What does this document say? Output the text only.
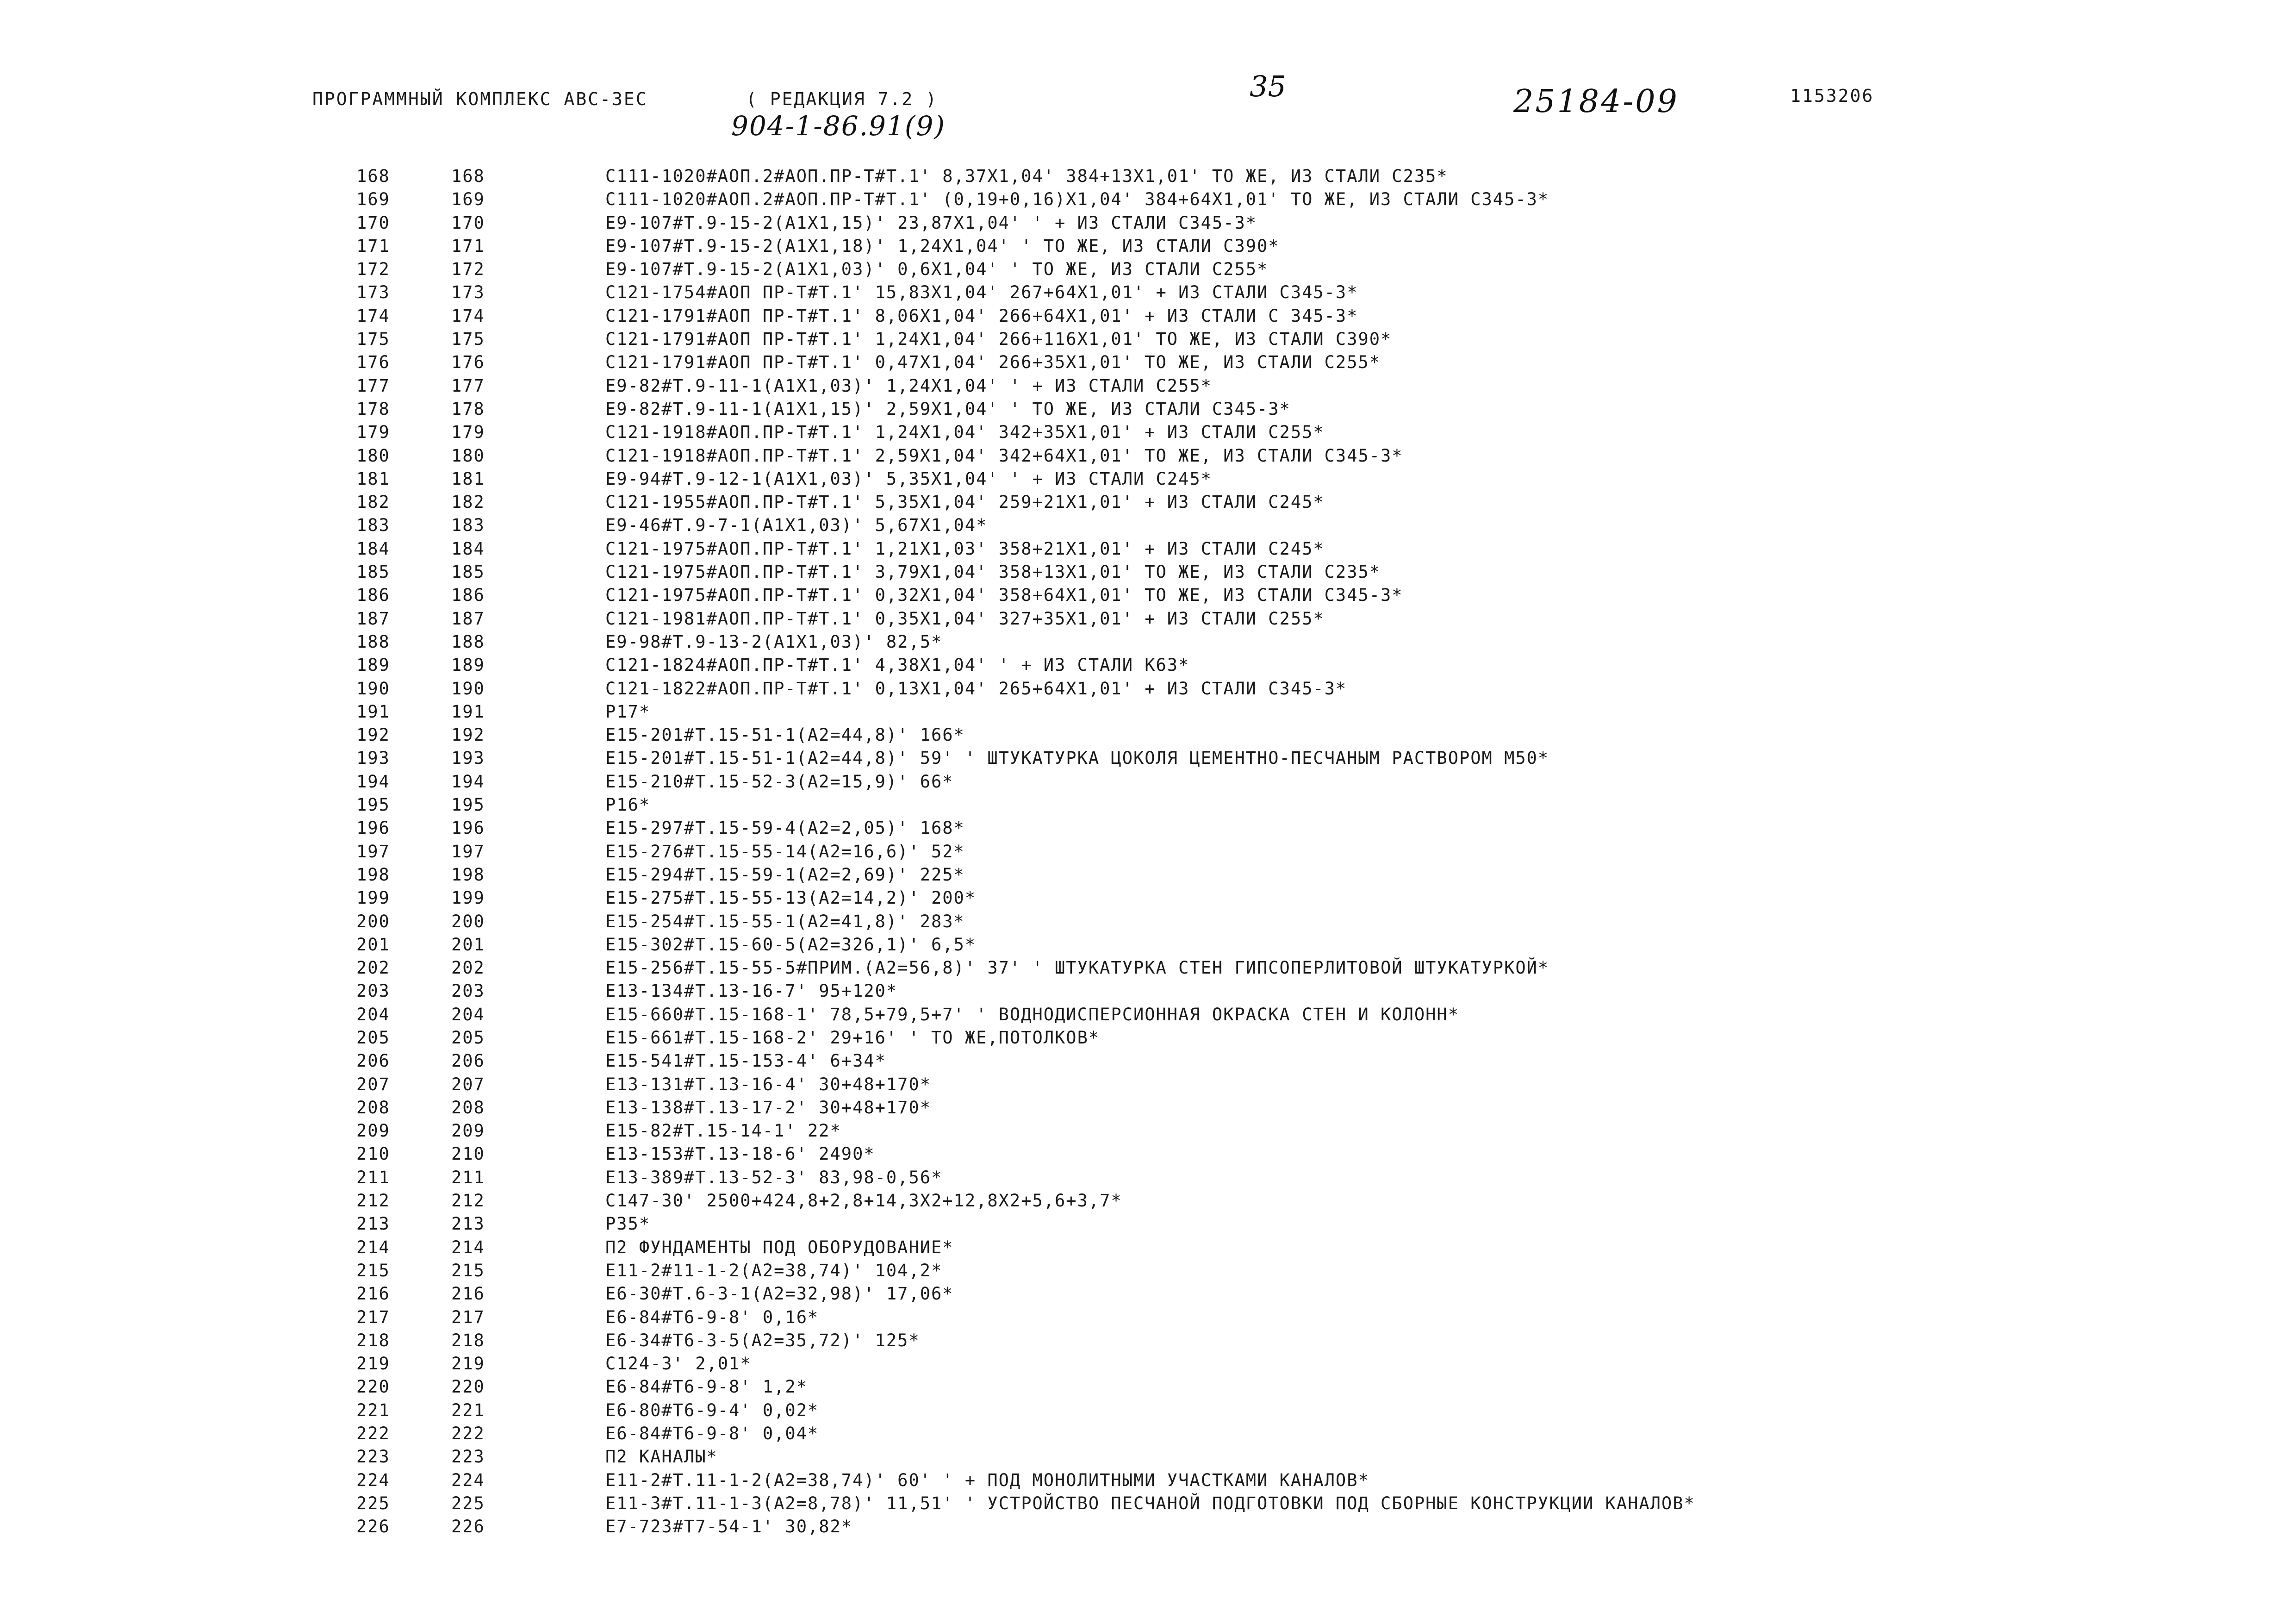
ПРОГРАММНЫЙ КОМПЛЕКС АВС-ЗЕС	( РЕДАКЦИЯ 7.2 )
904-1-86.91(9)
35	25184-09	1153206
168	168	С111-1020#АОП.2#АОП.ПР-Т#Т.1' 8,37Х1,04' 384+13Х1,01' ТО ЖЕ, ИЗ СТАЛИ С235*
169	169	С111-1020#АОП.2#АОП.ПР-Т#Т.1' (0,19+0,16)Х1,04' 384+64Х1,01' ТО ЖЕ, ИЗ СТАЛИ С345-3*
170	170	Е9-107#Т.9-15-2(А1Х1,15)' 23,87Х1,04' ' + ИЗ СТАЛИ С345-3*
171	171	Е9-107#Т.9-15-2(А1Х1,18)' 1,24Х1,04' ' ТО ЖЕ, ИЗ СТАЛИ С390*
172	172	Е9-107#Т.9-15-2(А1Х1,03)' 0,6Х1,04' ' ТО ЖЕ, ИЗ СТАЛИ С255*
173	173	С121-1754#АОП ПР-Т#Т.1' 15,83Х1,04' 267+64Х1,01' + ИЗ СТАЛИ С345-3*
174	174	С121-1791#АОП ПР-Т#Т.1' 8,06Х1,04' 266+64Х1,01' + ИЗ СТАЛИ С 345-3*
175	175	С121-1791#АОП ПР-Т#Т.1' 1,24Х1,04' 266+116Х1,01' ТО ЖЕ, ИЗ СТАЛИ С390*
176	176	С121-1791#АОП ПР-Т#Т.1' 0,47Х1,04' 266+35Х1,01' ТО ЖЕ, ИЗ СТАЛИ С255*
177	177	Е9-82#Т.9-11-1(А1Х1,03)' 1,24Х1,04' ' + ИЗ СТАЛИ С255*
178	178	Е9-82#Т.9-11-1(А1Х1,15)' 2,59Х1,04' ' ТО ЖЕ, ИЗ СТАЛИ С345-3*
179	179	С121-1918#АОП.ПР-Т#Т.1' 1,24Х1,04' 342+35Х1,01' + ИЗ СТАЛИ С255*
180	180	С121-1918#АОП.ПР-Т#Т.1' 2,59Х1,04' 342+64Х1,01' ТО ЖЕ, ИЗ СТАЛИ С345-3*
181	181	Е9-94#Т.9-12-1(А1Х1,03)' 5,35Х1,04' ' + ИЗ СТАЛИ С245*
182	182	С121-1955#АОП.ПР-Т#Т.1' 5,35Х1,04' 259+21Х1,01' + ИЗ СТАЛИ С245*
183	183	Е9-46#Т.9-7-1(А1Х1,03)' 5,67Х1,04*
184	184	С121-1975#АОП.ПР-Т#Т.1' 1,21Х1,03' 358+21Х1,01' + ИЗ СТАЛИ С245*
185	185	С121-1975#АОП.ПР-Т#Т.1' 3,79Х1,04' 358+13Х1,01' ТО ЖЕ, ИЗ СТАЛИ С235*
186	186	С121-1975#АОП.ПР-Т#Т.1' 0,32Х1,04' 358+64Х1,01' ТО ЖЕ, ИЗ СТАЛИ С345-3*
187	187	С121-1981#АОП.ПР-Т#Т.1' 0,35Х1,04' 327+35Х1,01' + ИЗ СТАЛИ С255*
188	188	Е9-98#Т.9-13-2(А1Х1,03)' 82,5*
189	189	С121-1824#АОП.ПР-Т#Т.1' 4,38Х1,04' ' + ИЗ СТАЛИ К63*
190	190	С121-1822#АОП.ПР-Т#Т.1' 0,13Х1,04' 265+64Х1,01' + ИЗ СТАЛИ С345-3*
191	191	Р17*
192	192	Е15-201#Т.15-51-1(А2=44,8)' 166*
193	193	Е15-201#Т.15-51-1(А2=44,8)' 59' ' ШТУКАТУРКА ЦОКОЛЯ ЦЕМЕНТНО-ПЕСЧАНЫМ РАСТВОРОМ М50*
194	194	Е15-210#Т.15-52-3(А2=15,9)' 66*
195	195	Р16*
196	196	Е15-297#Т.15-59-4(А2=2,05)' 168*
197	197	Е15-276#Т.15-55-14(А2=16,6)' 52*
198	198	Е15-294#Т.15-59-1(А2=2,69)' 225*
199	199	Е15-275#Т.15-55-13(А2=14,2)' 200*
200	200	Е15-254#Т.15-55-1(А2=41,8)' 283*
201	201	Е15-302#Т.15-60-5(А2=326,1)' 6,5*
202	202	Е15-256#Т.15-55-5#ПРИМ.(А2=56,8)' 37' ' ШТУКАТУРКА СТЕН ГИПСОПЕРЛИТОВОЙ ШТУКАТУРКОЙ*
203	203	Е13-134#Т.13-16-7' 95+120*
204	204	Е15-660#Т.15-168-1' 78,5+79,5+7' ' ВОДНОДИСПЕРСИОННАЯ ОКРАСКА СТЕН И КОЛОНН*
205	205	Е15-661#Т.15-168-2' 29+16' ' ТО ЖЕ,ПОТОЛКОВ*
206	206	Е15-541#Т.15-153-4' 6+34*
207	207	Е13-131#Т.13-16-4' 30+48+170*
208	208	Е13-138#Т.13-17-2' 30+48+170*
209	209	Е15-82#Т.15-14-1' 22*
210	210	Е13-153#Т.13-18-6' 2490*
211	211	Е13-389#Т.13-52-3' 83,98-0,56*
212	212	С147-30' 2500+424,8+2,8+14,3Х2+12,8Х2+5,6+3,7*
213	213	Р35*
214	214	П2 ФУНДАМЕНТЫ ПОД ОБОРУДОВАНИЕ*
215	215	Е11-2#11-1-2(А2=38,74)' 104,2*
216	216	Е6-30#Т.6-3-1(А2=32,98)' 17,06*
217	217	Е6-84#Т6-9-8' 0,16*
218	218	Е6-34#Т6-3-5(А2=35,72)' 125*
219	219	С124-3' 2,01*
220	220	Е6-84#Т6-9-8' 1,2*
221	221	Е6-80#Т6-9-4' 0,02*
222	222	Е6-84#Т6-9-8' 0,04*
223	223	П2 КАНАЛЫ*
224	224	Е11-2#Т.11-1-2(А2=38,74)' 60' ' + ПОД МОНОЛИТНЫМИ УЧАСТКАМИ КАНАЛОВ*
225	225	Е11-3#Т.11-1-3(А2=8,78)' 11,51' ' УСТРОЙСТВО ПЕСЧАНОЙ ПОДГОТОВКИ ПОД СБОРНЫЕ КОНСТРУКЦИИ КАНАЛОВ*
226	226	Е7-723#Т7-54-1' 30,82*
